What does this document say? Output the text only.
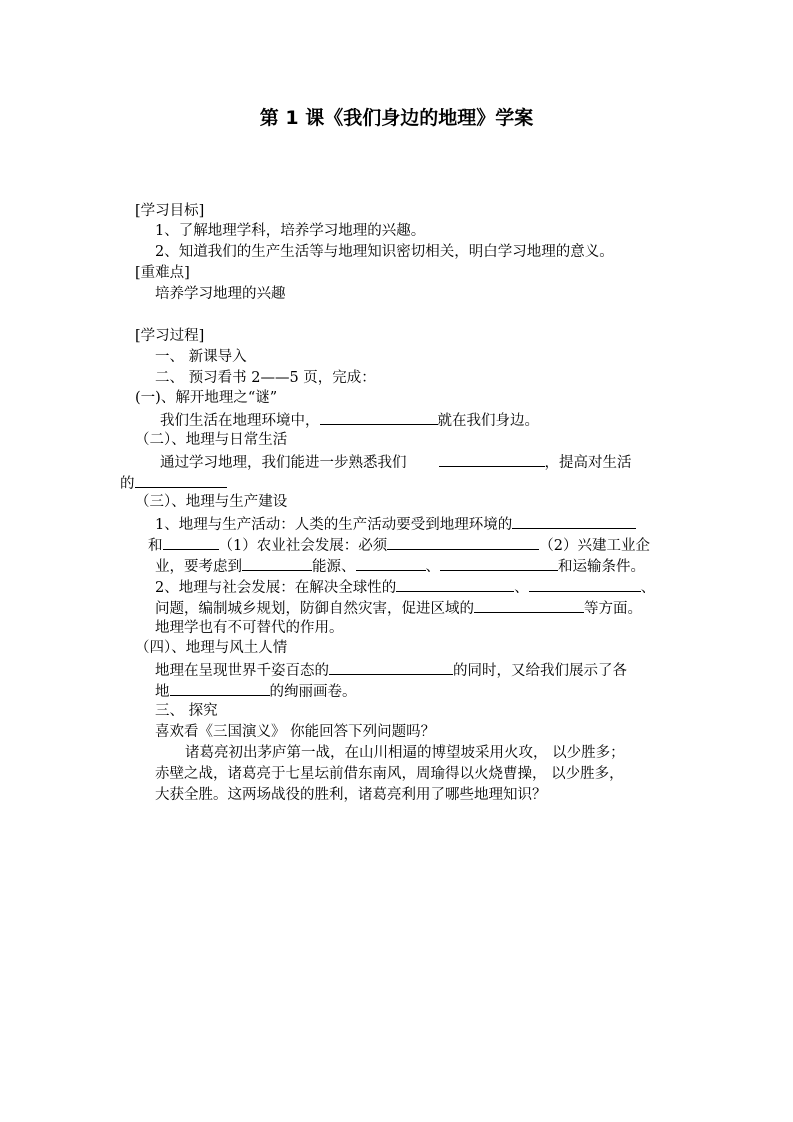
第 1 课《我们身边的地理》学案
[学习目标]
1、了解地理学科，培养学习地理的兴趣。
2、知道我们的生产生活等与地理知识密切相关，明白学习地理的意义。
[重难点]
培养学习地理的兴趣
[学习过程]
一、 新课导入
二、 预习看书 2——5 页，完成：
(一)、解开地理之“谜”
我们生活在地理环境中，	就在我们身边。
（二）、地理与日常生活
通过学习地理，我们能进一步熟悉我们	，提高对生活
的
（三）、地理与生产建设
1、地理与生产活动：人类的生产活动要受到地理环境的
和	（1）农业社会发展：必须	（2）兴建工业企
业，要考虑到	能源、	、	和运输条件。
2、地理与社会发展：在解决全球性的	、	、
问题，编制城乡规划，防御自然灾害，促进区域的	等方面。
地理学也有不可替代的作用。
（四）、地理与风土人情
地理在呈现世界千姿百态的	的同时，又给我们展示了各
地	的绚丽画卷。
三、 探究
喜欢看《三国演义》 你能回答下列问题吗？
诸葛亮初出茅庐第一战，在山川相逼的博望坡采用火攻， 以少胜多；
赤壁之战，诸葛亮于七星坛前借东南风，周瑜得以火烧曹操， 以少胜多，
大获全胜。这两场战役的胜利，诸葛亮利用了哪些地理知识？
